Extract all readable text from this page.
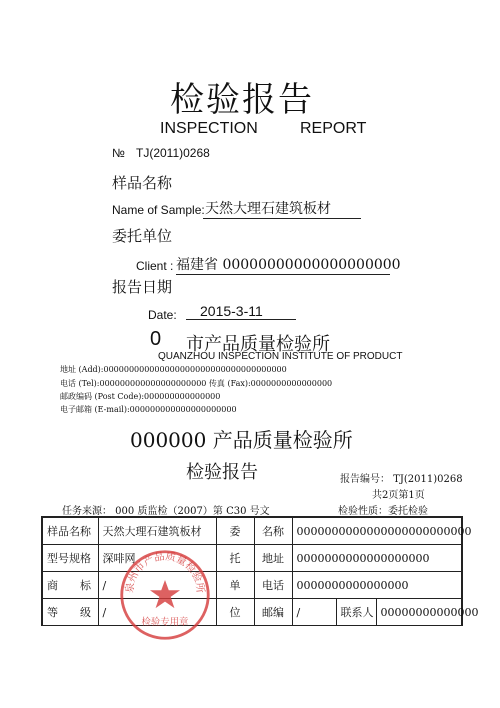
检验报告
INSPECTION	REPORT
№ TJ(2011)0268
样品名称
Name of Sample: 天然大理石建筑板材
委托单位
Client : 福建省 00000000000000000000
报告日期
Date:	2015-3-11
0 市产品质量检验所
QUANZHOU INSPECTION INSTITUTE OF PRODUCT
地址 (Add):000000000000000000000000000000000000
电话 (Tel):000000000000000000000 传真 (Fax):0000000000000000
邮政编码 (Post Code):000000000000000
电子邮箱 (E-mail):000000000000000000000
000000 产品质量检验所
检验报告	报告编号： TJ(2011)0268
共2页第1页
任务来源： 000 质监检（2007）第 C30 号文	检验性质：委托检验
样品名称	天然大理石建筑板材	委	名称	0000000000000000000000000		
型号规格	深啡网	托	地址	0000000000000000000		
商　　标	/	单	电话	0000000000000000		
等　　级	/	位	邮编	/	联系人	00000000000000
泉州市产品质量检验所
检验专用章
